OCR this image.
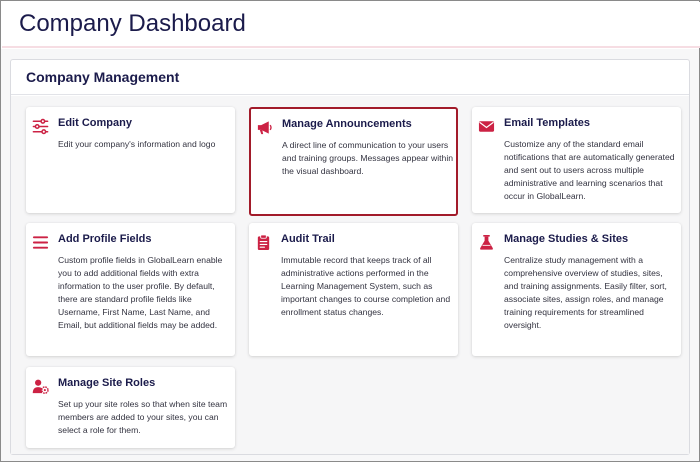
Company Dashboard
Company Management
Edit Company
Edit your company's information and logo
Manage Announcements
A direct line of communication to your users and training groups. Messages appear within the visual dashboard.
Email Templates
Customize any of the standard email notifications that are automatically generated and sent out to users across multiple administrative and learning scenarios that occur in GlobalLearn.
Add Profile Fields
Custom profile fields in GlobalLearn enable you to add additional fields with extra information to the user profile. By default, there are standard profile fields like Username, First Name, Last Name, and Email, but additional fields may be added.
Audit Trail
Immutable record that keeps track of all administrative actions performed in the Learning Management System, such as important changes to course completion and enrollment status changes.
Manage Studies & Sites
Centralize study management with a comprehensive overview of studies, sites, and training assignments. Easily filter, sort, associate sites, assign roles, and manage training requirements for streamlined oversight.
Manage Site Roles
Set up your site roles so that when site team members are added to your sites, you can select a role for them.
